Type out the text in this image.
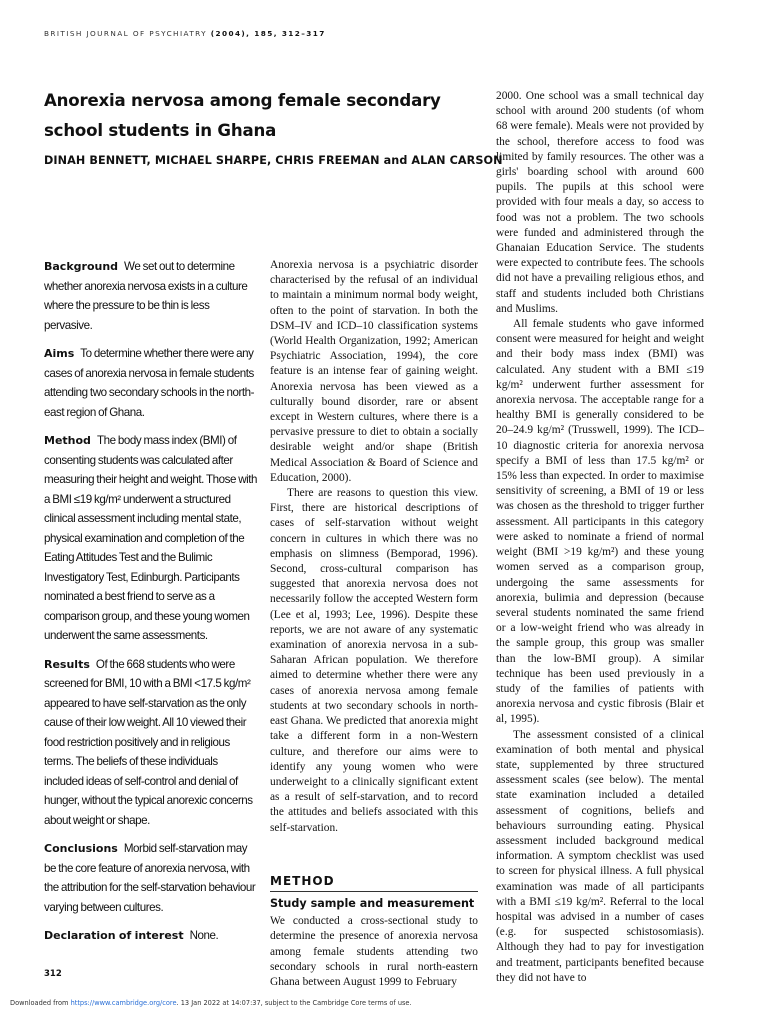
BRITISH JOURNAL OF PSYCHIATRY (2004), 185, 312–317
Anorexia nervosa among female secondary school students in Ghana
DINAH BENNETT, MICHAEL SHARPE, CHRIS FREEMAN and ALAN CARSON

Background We set out to determine whether anorexia nervosa exists in a culture where the pressure to be thin is less pervasive.

Aims To determine whether there were any cases of anorexia nervosa in female students attending two secondary schools in the north-east region of Ghana.

Method The body mass index (BMI) of consenting students was calculated after measuring their height and weight. Those with a BMI ≤19 kg/m² underwent a structured clinical assessment including mental state, physical examination and completion of the Eating Attitudes Test and the Bulimic Investigatory Test, Edinburgh. Participants nominated a best friend to serve as a comparison group, and these young women underwent the same assessments.

Results Of the 668 students who were screened for BMI, 10 with a BMI <17.5 kg/m² appeared to have self-starvation as the only cause of their low weight. All 10 viewed their food restriction positively and in religious terms. The beliefs of these individuals included ideas of self-control and denial of hunger, without the typical anorexic concerns about weight or shape.

Conclusions Morbid self-starvation may be the core feature of anorexia nervosa, with the attribution for the self-starvation behaviour varying between cultures.

Declaration of interest None.

Anorexia nervosa is a psychiatric disorder characterised by the refusal of an individual to maintain a minimum normal body weight, often to the point of starvation. In both the DSM–IV and ICD–10 classification systems (World Health Organization, 1992; American Psychiatric Association, 1994), the core feature is an intense fear of gaining weight. Anorexia nervosa has been viewed as a culturally bound disorder, rare or absent except in Western cultures, where there is a pervasive pressure to diet to obtain a socially desirable weight and/or shape (British Medical Association & Board of Science and Education, 2000).

There are reasons to question this view. First, there are historical descriptions of cases of self-starvation without weight concern in cultures in which there was no emphasis on slimness (Bemporad, 1996). Second, cross-cultural comparison has suggested that anorexia nervosa does not necessarily follow the accepted Western form (Lee et al, 1993; Lee, 1996). Despite these reports, we are not aware of any systematic examination of anorexia nervosa in a sub-Saharan African population. We therefore aimed to determine whether there were any cases of anorexia nervosa among female students at two secondary schools in north-east Ghana. We predicted that anorexia might take a different form in a non-Western culture, and therefore our aims were to identify any young women who were underweight to a clinically significant extent as a result of self-starvation, and to record the attitudes and beliefs associated with this self-starvation.

METHOD
Study sample and measurement

We conducted a cross-sectional study to determine the presence of anorexia nervosa among female students attending two secondary schools in rural north-eastern Ghana between August 1999 to February

2000. One school was a small technical day school with around 200 students (of whom 68 were female). Meals were not provided by the school, therefore access to food was limited by family resources. The other was a girls' boarding school with around 600 pupils. The pupils at this school were provided with four meals a day, so access to food was not a problem. The two schools were funded and administered through the Ghanaian Education Service. The students were expected to contribute fees. The schools did not have a prevailing religious ethos, and staff and students included both Christians and Muslims.

All female students who gave informed consent were measured for height and weight and their body mass index (BMI) was calculated. Any student with a BMI ≤19 kg/m² underwent further assessment for anorexia nervosa. The acceptable range for a healthy BMI is generally considered to be 20–24.9 kg/m² (Trusswell, 1999). The ICD–10 diagnostic criteria for anorexia nervosa specify a BMI of less than 17.5 kg/m² or 15% less than expected. In order to maximise sensitivity of screening, a BMI of 19 or less was chosen as the threshold to trigger further assessment. All participants in this category were asked to nominate a friend of normal weight (BMI >19 kg/m²) and these young women served as a comparison group, undergoing the same assessments for anorexia, bulimia and depression (because several students nominated the same friend or a low-weight friend who was already in the sample group, this group was smaller than the low-BMI group). A similar technique has been used previously in a study of the families of patients with anorexia nervosa and cystic fibrosis (Blair et al, 1995).

The assessment consisted of a clinical examination of both mental and physical state, supplemented by three structured assessment scales (see below). The mental state examination included a detailed assessment of cognitions, beliefs and behaviours surrounding eating. Physical assessment included background medical information. A symptom checklist was used to screen for physical illness. A full physical examination was made of all participants with a BMI ≤19 kg/m². Referral to the local hospital was advised in a number of cases (e.g. for suspected schistosomiasis). Although they had to pay for investigation and treatment, participants benefited because they did not have to

312
Downloaded from https://www.cambridge.org/core. 13 Jan 2022 at 14:07:37, subject to the Cambridge Core terms of use.
